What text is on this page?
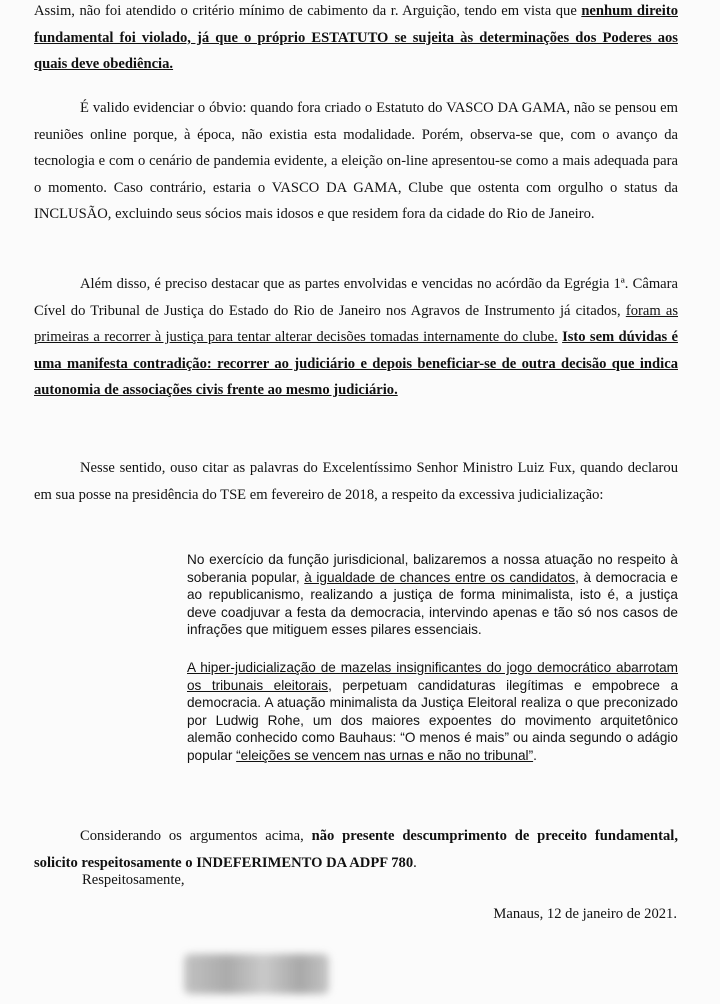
Assim, não foi atendido o critério mínimo de cabimento da r. Arguição, tendo em vista que nenhum direito fundamental foi violado, já que o próprio ESTATUTO se sujeita às determinações dos Poderes aos quais deve obediência.

É valido evidenciar o óbvio: quando fora criado o Estatuto do VASCO DA GAMA, não se pensou em reuniões online porque, à época, não existia esta modalidade. Porém, observa-se que, com o avanço da tecnologia e com o cenário de pandemia evidente, a eleição on-line apresentou-se como a mais adequada para o momento. Caso contrário, estaria o VASCO DA GAMA, Clube que ostenta com orgulho o status da INCLUSÃO, excluindo seus sócios mais idosos e que residem fora da cidade do Rio de Janeiro.

Além disso, é preciso destacar que as partes envolvidas e vencidas no acórdão da Egrégia 1ª. Câmara Cível do Tribunal de Justiça do Estado do Rio de Janeiro nos Agravos de Instrumento já citados, foram as primeiras a recorrer à justiça para tentar alterar decisões tomadas internamente do clube. Isto sem dúvidas é uma manifesta contradição: recorrer ao judiciário e depois beneficiar-se de outra decisão que indica autonomia de associações civis frente ao mesmo judiciário.

Nesse sentido, ouso citar as palavras do Excelentíssimo Senhor Ministro Luiz Fux, quando declarou em sua posse na presidência do TSE em fevereiro de 2018, a respeito da excessiva judicialização:

No exercício da função jurisdicional, balizaremos a nossa atuação no respeito à soberania popular, à igualdade de chances entre os candidatos, à democracia e ao republicanismo, realizando a justiça de forma minimalista, isto é, a justiça deve coadjuvar a festa da democracia, intervindo apenas e tão só nos casos de infrações que mitiguem esses pilares essenciais.

A hiper-judicialização de mazelas insignificantes do jogo democrático abarrotam os tribunais eleitorais, perpetuam candidaturas ilegítimas e empobrece a democracia. A atuação minimalista da Justiça Eleitoral realiza o que preconizado por Ludwig Rohe, um dos maiores expoentes do movimento arquitetônico alemão conhecido como Bauhaus: “O menos é mais” ou ainda segundo o adágio popular “eleições se vencem nas urnas e não no tribunal”.

Considerando os argumentos acima, não presente descumprimento de preceito fundamental, solicito respeitosamente o INDEFERIMENTO DA ADPF 780.

Respeitosamente,
Manaus, 12 de janeiro de 2021.
